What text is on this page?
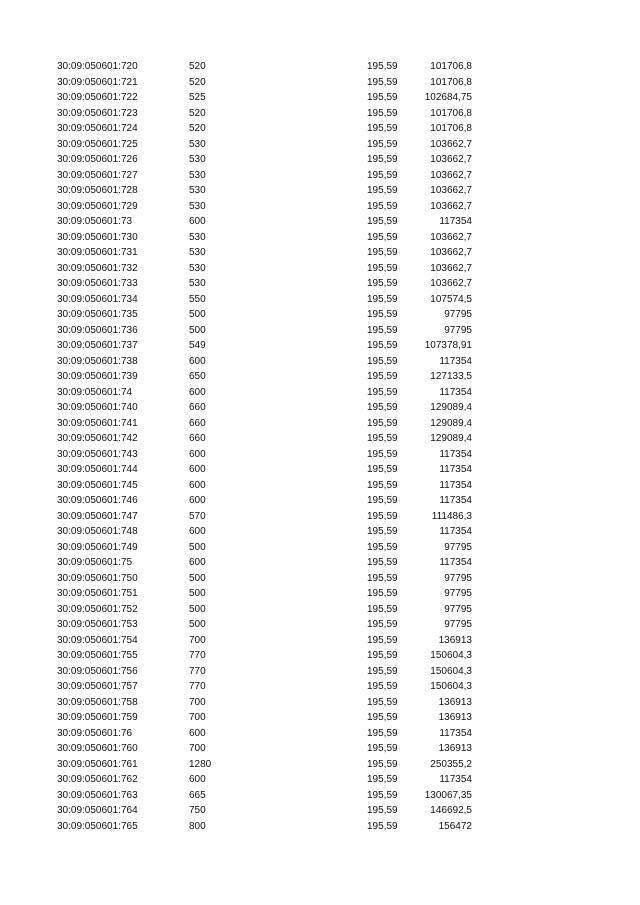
30:09:050601:720	520	195,59	101706,8
30:09:050601:721	520	195,59	101706,8
30:09:050601:722	525	195,59	102684,75
30:09:050601:723	520	195,59	101706,8
30:09:050601:724	520	195,59	101706,8
30:09:050601:725	530	195,59	103662,7
30:09:050601:726	530	195,59	103662,7
30:09:050601:727	530	195,59	103662,7
30:09:050601:728	530	195,59	103662,7
30:09:050601:729	530	195,59	103662,7
30:09:050601:73	600	195,59	117354
30:09:050601:730	530	195,59	103662,7
30:09:050601:731	530	195,59	103662,7
30:09:050601:732	530	195,59	103662,7
30:09:050601:733	530	195,59	103662,7
30:09:050601:734	550	195,59	107574,5
30:09:050601:735	500	195,59	97795
30:09:050601:736	500	195,59	97795
30:09:050601:737	549	195,59	107378,91
30:09:050601:738	600	195,59	117354
30:09:050601:739	650	195,59	127133,5
30:09:050601:74	600	195,59	117354
30:09:050601:740	660	195,59	129089,4
30:09:050601:741	660	195,59	129089,4
30:09:050601:742	660	195,59	129089,4
30:09:050601:743	600	195,59	117354
30:09:050601:744	600	195,59	117354
30:09:050601:745	600	195,59	117354
30:09:050601:746	600	195,59	117354
30:09:050601:747	570	195,59	111486,3
30:09:050601:748	600	195,59	117354
30:09:050601:749	500	195,59	97795
30:09:050601:75	600	195,59	117354
30:09:050601:750	500	195,59	97795
30:09:050601:751	500	195,59	97795
30:09:050601:752	500	195,59	97795
30:09:050601:753	500	195,59	97795
30:09:050601:754	700	195,59	136913
30:09:050601:755	770	195,59	150604,3
30:09:050601:756	770	195,59	150604,3
30:09:050601:757	770	195,59	150604,3
30:09:050601:758	700	195,59	136913
30:09:050601:759	700	195,59	136913
30:09:050601:76	600	195,59	117354
30:09:050601:760	700	195,59	136913
30:09:050601:761	1280	195,59	250355,2
30:09:050601:762	600	195,59	117354
30:09:050601:763	665	195,59	130067,35
30:09:050601:764	750	195,59	146692,5
30:09:050601:765	800	195,59	156472
